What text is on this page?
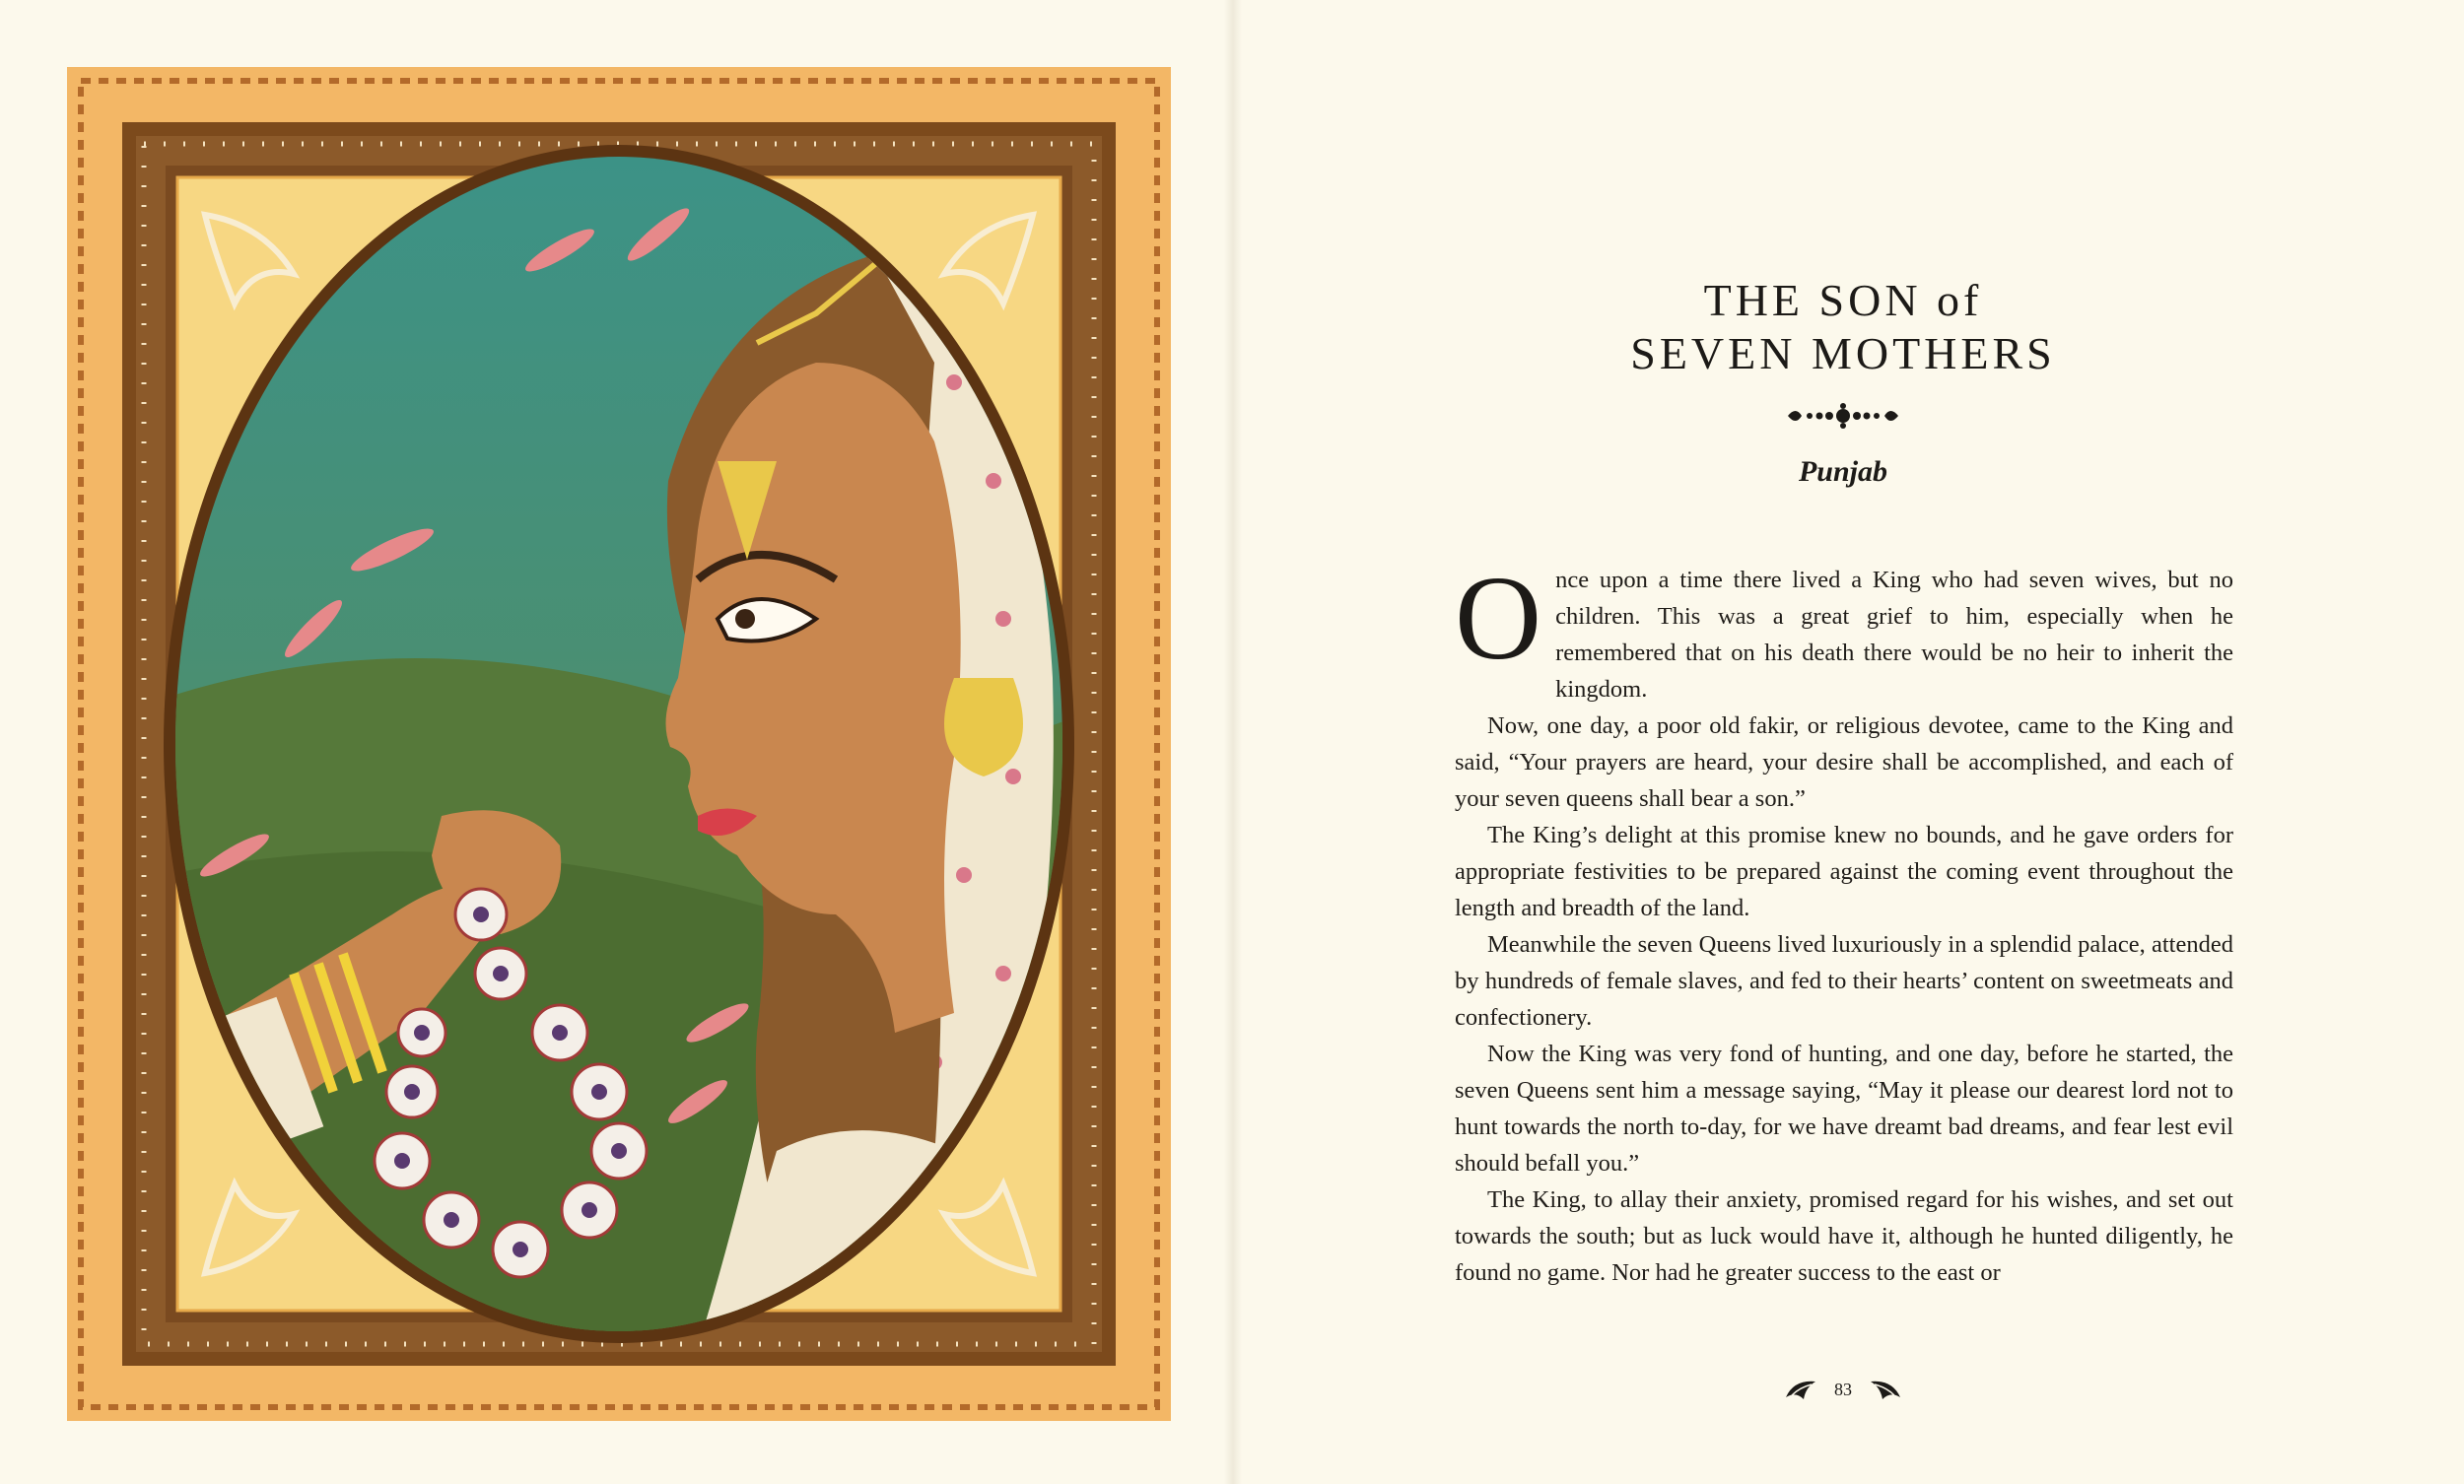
THE SON of
SEVEN MOTHERS
Punjab
O nce upon a time there lived a King who had seven wives, but no children. This was a great grief to him, especially when he remembered that on his death there would be no heir to inherit the kingdom.

Now, one day, a poor old fakir, or religious devotee, came to the King and said, “Your prayers are heard, your desire shall be accomplished, and each of your seven queens shall bear a son.”

The King’s delight at this promise knew no bounds, and he gave orders for appropriate festivities to be prepared against the coming event throughout the length and breadth of the land.

Meanwhile the seven Queens lived luxuriously in a splendid palace, attended by hundreds of female slaves, and fed to their hearts’ content on sweetmeats and confectionery.

Now the King was very fond of hunting, and one day, before he started, the seven Queens sent him a message saying, “May it please our dearest lord not to hunt towards the north to-day, for we have dreamt bad dreams, and fear lest evil should befall you.”

The King, to allay their anxiety, promised regard for his wishes, and set out towards the south; but as luck would have it, although he hunted diligently, he found no game. Nor had he greater success to the east or

83
